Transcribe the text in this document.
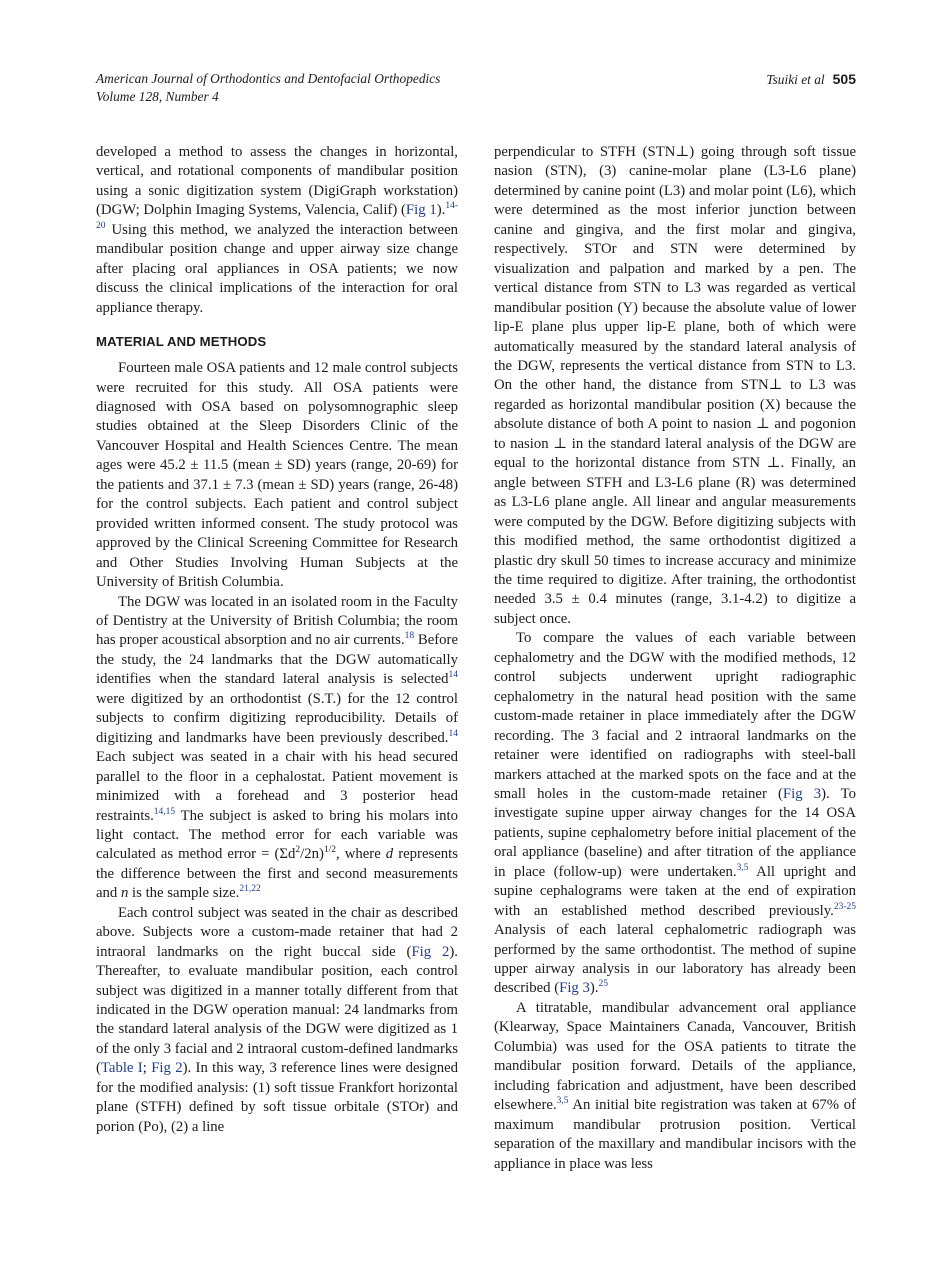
American Journal of Orthodontics and Dentofacial Orthopedics
Volume 128, Number 4
Tsuiki et al 505

developed a method to assess the changes in horizontal, vertical, and rotational components of mandibular position using a sonic digitization system (DigiGraph workstation) (DGW; Dolphin Imaging Systems, Valencia, Calif) (Fig 1).$^{14-20}$ Using this method, we analyzed the interaction between mandibular position change and upper airway size change after placing oral appliances in OSA patients; we now discuss the clinical implications of the interaction for oral appliance therapy.

MATERIAL AND METHODS

Fourteen male OSA patients and 12 male control subjects were recruited for this study. All OSA patients were diagnosed with OSA based on polysomnographic sleep studies obtained at the Sleep Disorders Clinic of the Vancouver Hospital and Health Sciences Centre. The mean ages were 45.2 ± 11.5 (mean ± SD) years (range, 20-69) for the patients and 37.1 ± 7.3 (mean ± SD) years (range, 26-48) for the control subjects. Each patient and control subject provided written informed consent. The study protocol was approved by the Clinical Screening Committee for Research and Other Studies Involving Human Subjects at the University of British Columbia.

The DGW was located in an isolated room in the Faculty of Dentistry at the University of British Columbia; the room has proper acoustical absorption and no air currents.$^{18}$ Before the study, the 24 landmarks that the DGW automatically identifies when the standard lateral analysis is selected$^{14}$ were digitized by an orthodontist (S.T.) for the 12 control subjects to confirm digitizing reproducibility. Details of digitizing and landmarks have been previously described.$^{14}$ Each subject was seated in a chair with his head secured parallel to the floor in a cephalostat. Patient movement is minimized with a forehead and 3 posterior head restraints.$^{14,15}$ The subject is asked to bring his molars into light contact. The method error for each variable was calculated as method error = $(\Sigma d^2/2n)^{1/2}$, where d represents the difference between the first and second measurements and n is the sample size.$^{21,22}$

Each control subject was seated in the chair as described above. Subjects wore a custom-made retainer that had 2 intraoral landmarks on the right buccal side (Fig 2). Thereafter, to evaluate mandibular position, each control subject was digitized in a manner totally different from that indicated in the DGW operation manual: 24 landmarks from the standard lateral analysis of the DGW were digitized as 1 of the only 3 facial and 2 intraoral custom-defined landmarks (Table I; Fig 2). In this way, 3 reference lines were designed for the modified analysis: (1) soft tissue Frankfort horizontal plane (STFH) defined by soft tissue orbitale (STOr) and porion (Po), (2) a line

perpendicular to STFH (STN⊥) going through soft tissue nasion (STN), (3) canine-molar plane (L3-L6 plane) determined by canine point (L3) and molar point (L6), which were determined as the most inferior junction between canine and gingiva, and the first molar and gingiva, respectively. STOr and STN were determined by visualization and palpation and marked by a pen. The vertical distance from STN to L3 was regarded as vertical mandibular position (Y) because the absolute value of lower lip-E plane plus upper lip-E plane, both of which were automatically measured by the standard lateral analysis of the DGW, represents the vertical distance from STN to L3. On the other hand, the distance from STN⊥ to L3 was regarded as horizontal mandibular position (X) because the absolute distance of both A point to nasion ⊥ and pogonion to nasion ⊥ in the standard lateral analysis of the DGW are equal to the horizontal distance from STN ⊥. Finally, an angle between STFH and L3-L6 plane (R) was determined as L3-L6 plane angle. All linear and angular measurements were computed by the DGW. Before digitizing subjects with this modified method, the same orthodontist digitized a plastic dry skull 50 times to increase accuracy and minimize the time required to digitize. After training, the orthodontist needed 3.5 ± 0.4 minutes (range, 3.1-4.2) to digitize a subject once.

To compare the values of each variable between cephalometry and the DGW with the modified methods, 12 control subjects underwent upright radiographic cephalometry in the natural head position with the same custom-made retainer in place immediately after the DGW recording. The 3 facial and 2 intraoral landmarks on the retainer were identified on radiographs with steel-ball markers attached at the marked spots on the face and at the small holes in the custom-made retainer (Fig 3). To investigate supine upper airway changes for the 14 OSA patients, supine cephalometry before initial placement of the oral appliance (baseline) and after titration of the appliance in place (follow-up) were undertaken.$^{3,5}$ All upright and supine cephalograms were taken at the end of expiration with an established method described previously.$^{23-25}$ Analysis of each lateral cephalometric radiograph was performed by the same orthodontist. The method of supine upper airway analysis in our laboratory has already been described (Fig 3).$^{25}$

A titratable, mandibular advancement oral appliance (Klearway, Space Maintainers Canada, Vancouver, British Columbia) was used for the OSA patients to titrate the mandibular position forward. Details of the appliance, including fabrication and adjustment, have been described elsewhere.$^{3,5}$ An initial bite registration was taken at 67% of maximum mandibular protrusion position. Vertical separation of the maxillary and mandibular incisors with the appliance in place was less
